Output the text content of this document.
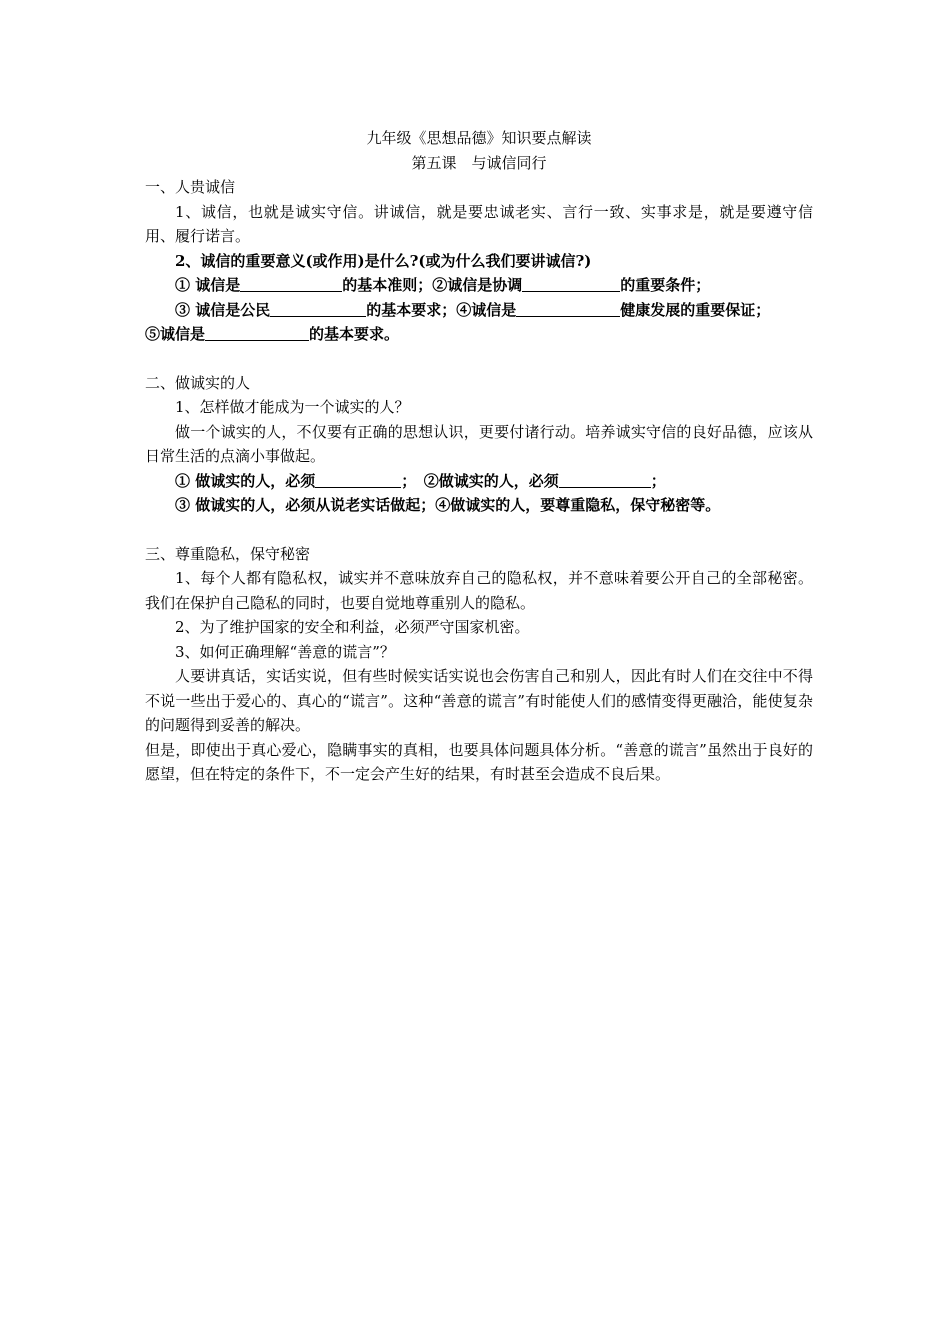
九年级《思想品德》知识要点解读
第五课　与诚信同行
一、人贵诚信
1、诚信，也就是诚实守信。讲诚信，就是要忠诚老实、言行一致、实事求是，就是要遵守信用、履行诺言。
2、诚信的重要意义(或作用)是什么?(或为什么我们要讲诚信?)
① 诚信是	的基本准则；②诚信是协调	的重要条件；
③ 诚信是公民	的基本要求；④诚信是	健康发展的重要保证；
⑤诚信是	的基本要求。
二、做诚实的人
1、怎样做才能成为一个诚实的人？
做一个诚实的人，不仅要有正确的思想认识，更要付诸行动。培养诚实守信的良好品德，应该从日常生活的点滴小事做起。
① 做诚实的人，必须	；　②做诚实的人，必须	；
③ 做诚实的人，必须从说老实话做起；④做诚实的人，要尊重隐私，保守秘密等。
三、尊重隐私，保守秘密
1、每个人都有隐私权，诚实并不意味放弃自己的隐私权，并不意味着要公开自己的全部秘密。我们在保护自己隐私的同时，也要自觉地尊重别人的隐私。
2、为了维护国家的安全和利益，必须严守国家机密。
3、如何正确理解“善意的谎言”？
人要讲真话，实话实说，但有些时候实话实说也会伤害自己和别人，因此有时人们在交往中不得不说一些出于爱心的、真心的“谎言”。这种“善意的谎言”有时能使人们的感情变得更融洽，能使复杂的问题得到妥善的解决。
但是，即使出于真心爱心，隐瞒事实的真相，也要具体问题具体分析。“善意的谎言”虽然出于良好的愿望，但在特定的条件下，不一定会产生好的结果，有时甚至会造成不良后果。
